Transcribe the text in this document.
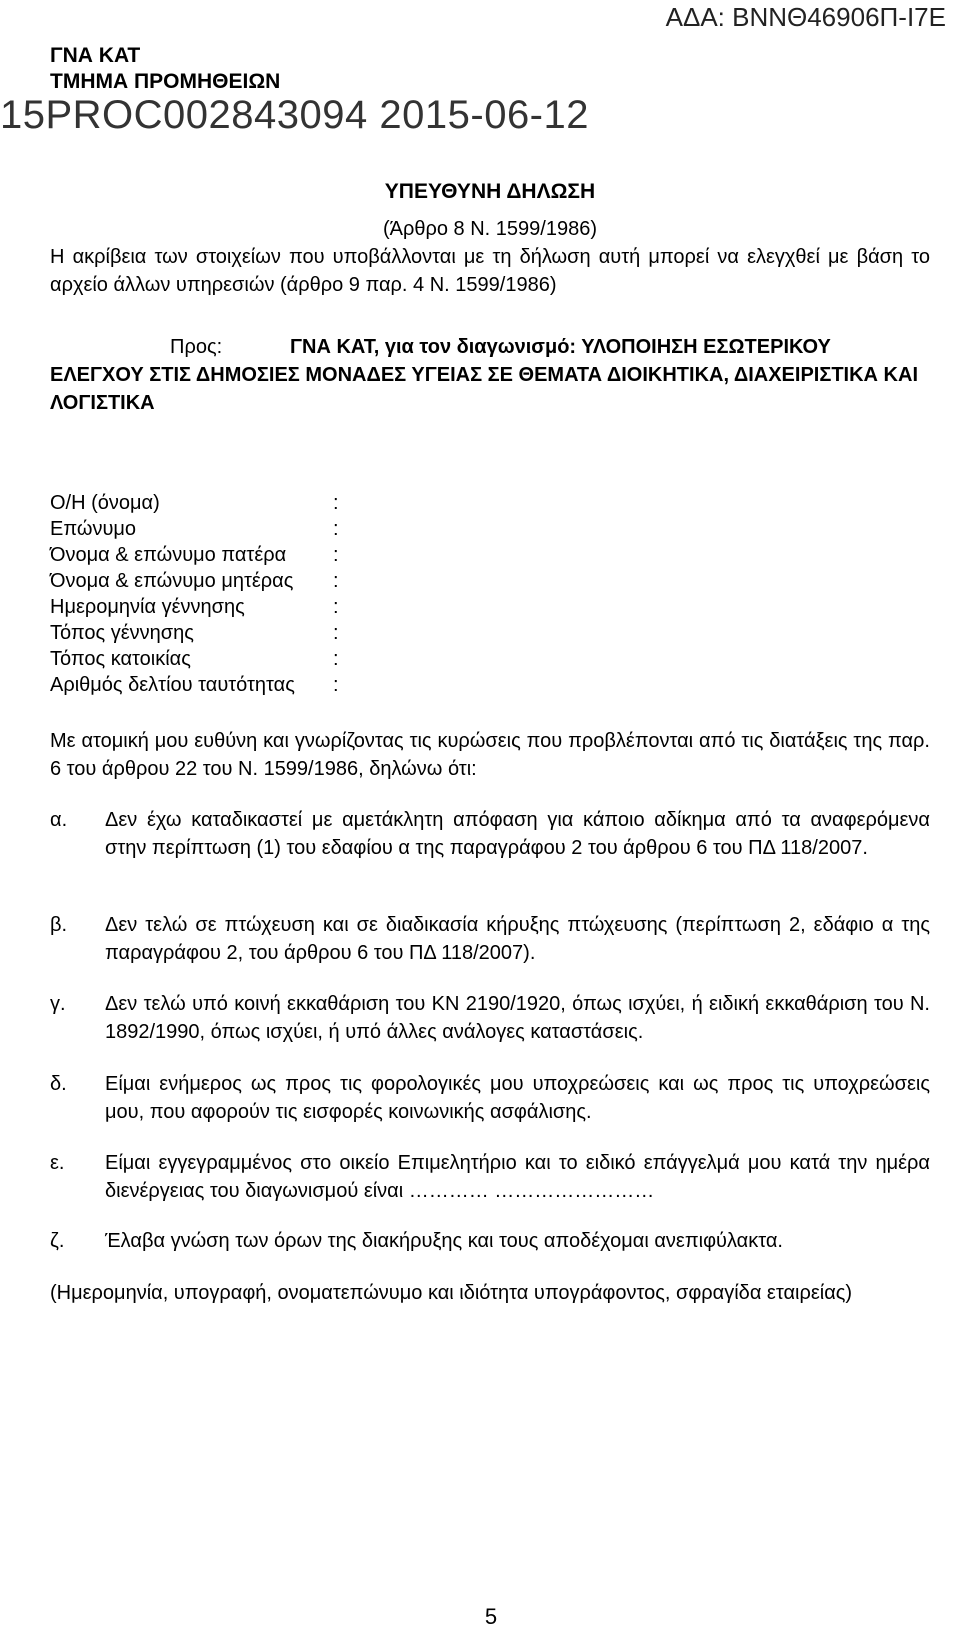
ΑΔΑ: ΒΝΝΘ46906Π-Ι7Ε
ΓΝΑ ΚΑΤ
ΤΜΗΜΑ ΠΡΟΜΗΘΕΙΩΝ
15PROC002843094 2015-06-12
ΥΠΕΥΘΥΝΗ ΔΗΛΩΣΗ
(Άρθρο 8 Ν. 1599/1986)
Η ακρίβεια των στοιχείων που υποβάλλονται με τη δήλωση αυτή μπορεί να ελεγχθεί με βάση το αρχείο άλλων υπηρεσιών (άρθρο 9 παρ. 4 Ν. 1599/1986)
Προς:	ΓΝΑ ΚΑΤ, για τον διαγωνισμό: ΥΛΟΠΟΙΗΣΗ ΕΣΩΤΕΡΙΚΟΥ ΕΛΕΓΧΟΥ ΣΤΙΣ ΔΗΜΟΣΙΕΣ ΜΟΝΑΔΕΣ ΥΓΕΙΑΣ ΣΕ ΘΕΜΑΤΑ ΔΙΟΙΚΗΤΙΚΑ, ΔΙΑΧΕΙΡΙΣΤΙΚΑ ΚΑΙ ΛΟΓΙΣΤΙΚΑ
Ο/Η (όνομα)	:
Επώνυμο	:
Όνομα & επώνυμο πατέρα	:
Όνομα & επώνυμο μητέρας	:
Ημερομηνία γέννησης	:
Τόπος γέννησης	:
Τόπος κατοικίας	:
Αριθμός δελτίου ταυτότητας	:
Με ατομική μου ευθύνη και γνωρίζοντας τις κυρώσεις που προβλέπονται από τις διατάξεις της παρ. 6 του άρθρου 22 του Ν. 1599/1986, δηλώνω ότι:
α.	Δεν έχω καταδικαστεί με αμετάκλητη απόφαση για κάποιο αδίκημα από τα αναφερόμενα στην περίπτωση (1) του εδαφίου α της παραγράφου 2 του άρθρου 6 του ΠΔ 118/2007.
β.	Δεν τελώ σε πτώχευση και σε διαδικασία κήρυξης πτώχευσης (περίπτωση 2, εδάφιο α της παραγράφου 2, του άρθρου 6 του ΠΔ 118/2007).
γ.	Δεν τελώ υπό κοινή εκκαθάριση του ΚΝ 2190/1920, όπως ισχύει, ή ειδική εκκαθάριση του Ν. 1892/1990, όπως ισχύει, ή υπό άλλες ανάλογες καταστάσεις.
δ.	Είμαι ενήμερος ως προς τις φορολογικές μου υποχρεώσεις και ως προς τις υποχρεώσεις μου, που αφορούν τις εισφορές κοινωνικής ασφάλισης.
ε.	Είμαι εγγεγραμμένος στο οικείο Επιμελητήριο και το ειδικό επάγγελμά μου κατά την ημέρα διενέργειας του διαγωνισμού είναι ………… ……………………
ζ.	Έλαβα γνώση των όρων της διακήρυξης και τους αποδέχομαι ανεπιφύλακτα.
(Ημερομηνία, υπογραφή, ονοματεπώνυμο και ιδιότητα υπογράφοντος, σφραγίδα εταιρείας)
5
